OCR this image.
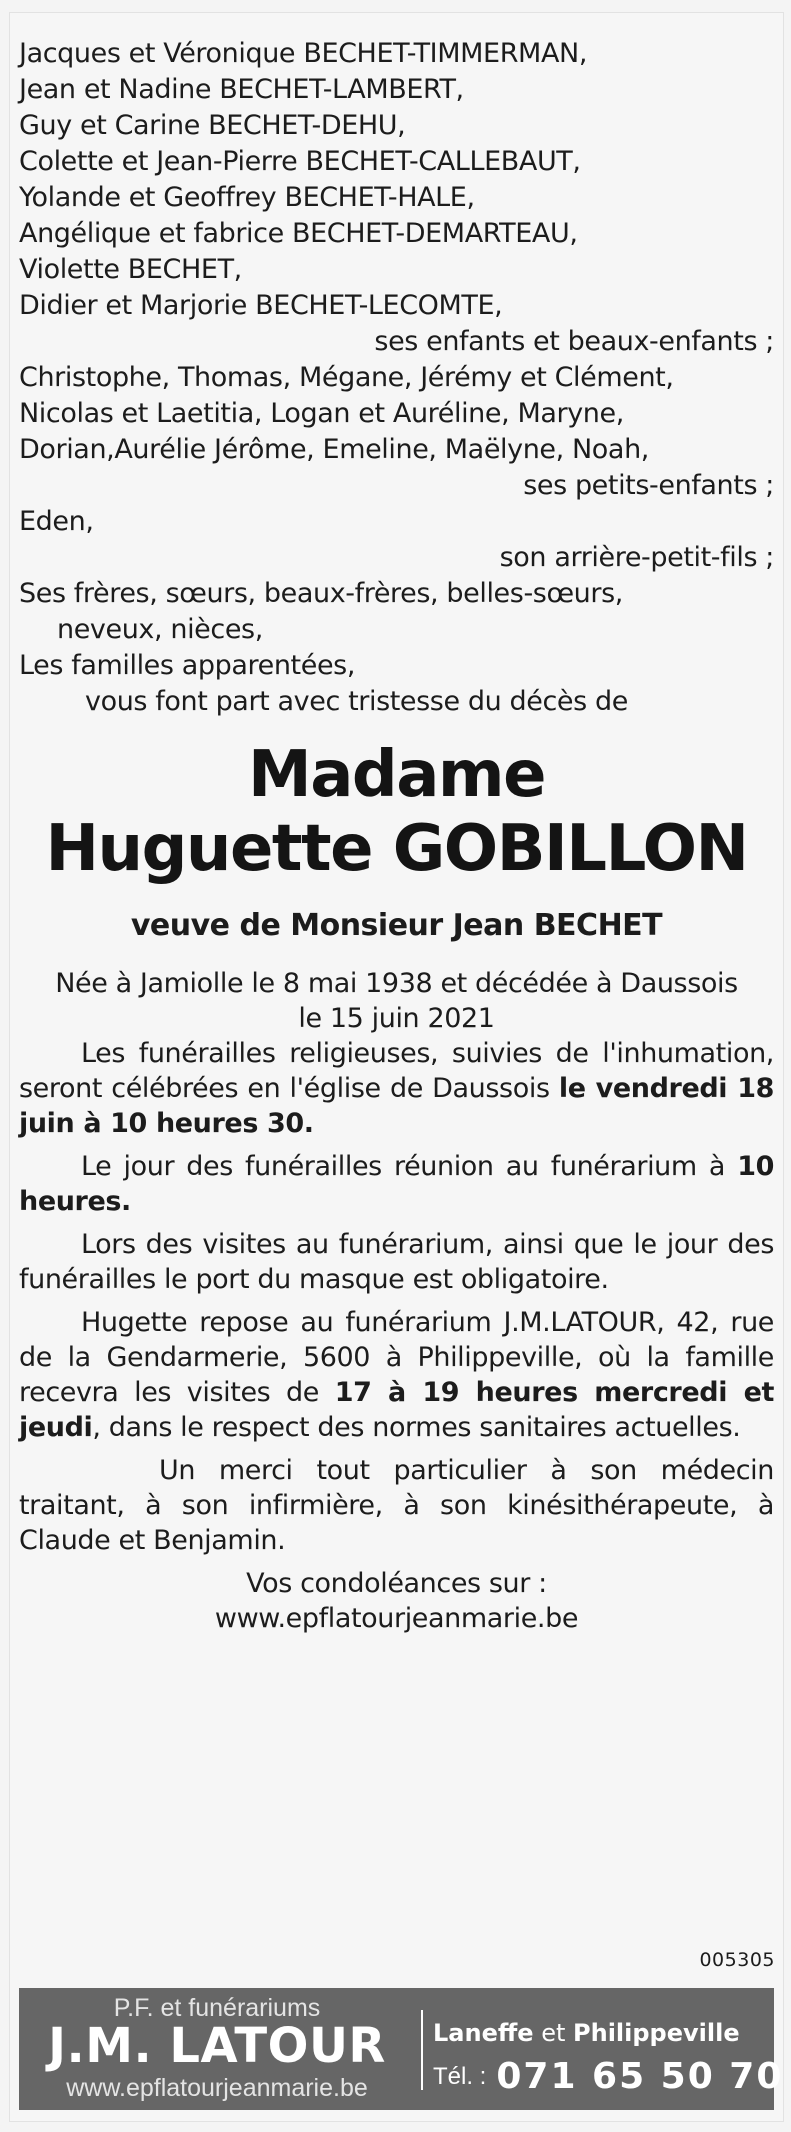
Jacques et Véronique BECHET-TIMMERMAN,
Jean et Nadine BECHET-LAMBERT,
Guy et Carine BECHET-DEHU,
Colette et Jean-Pierre BECHET-CALLEBAUT,
Yolande et Geoffrey BECHET-HALE,
Angélique et fabrice BECHET-DEMARTEAU,
Violette BECHET,
Didier et Marjorie BECHET-LECOMTE,
ses enfants et beaux-enfants ;
Christophe, Thomas, Mégane, Jérémy et Clément,
Nicolas et Laetitia, Logan et Auréline, Maryne,
Dorian,Aurélie Jérôme, Emeline, Maëlyne, Noah,
ses petits-enfants ;
Eden,
son arrière-petit-fils ;
Ses frères, sœurs, beaux-frères, belles-sœurs,
neveux, nièces,
Les familles apparentées,
vous font part avec tristesse du décès de
Madame
Huguette GOBILLON
veuve de Monsieur Jean BECHET
Née à Jamiolle le 8 mai 1938 et décédée à Daussois
le 15 juin 2021
Les funérailles religieuses, suivies de l'inhumation, seront célébrées en l'église de Daussois le vendredi 18 juin à 10 heures 30.
Le jour des funérailles réunion au funérarium à 10 heures.
Lors des visites au funérarium, ainsi que le jour des funérailles le port du masque est obligatoire.
Hugette repose au funérarium J.M.LATOUR, 42, rue de la Gendarmerie, 5600 à Philippeville, où la famille recevra les visites de 17 à 19 heures mercredi et jeudi, dans le respect des normes sanitaires actuelles.
Un merci tout particulier à son médecin traitant, à son infirmière, à son kinésithérapeute, à Claude et Benjamin.
Vos condoléances sur :
www.epflatourjeanmarie.be
005305
P.F. et funérariums
J.M. LATOUR
www.epflatourjeanmarie.be
Laneffe et Philippeville
Tél. : 071 65 50 70
